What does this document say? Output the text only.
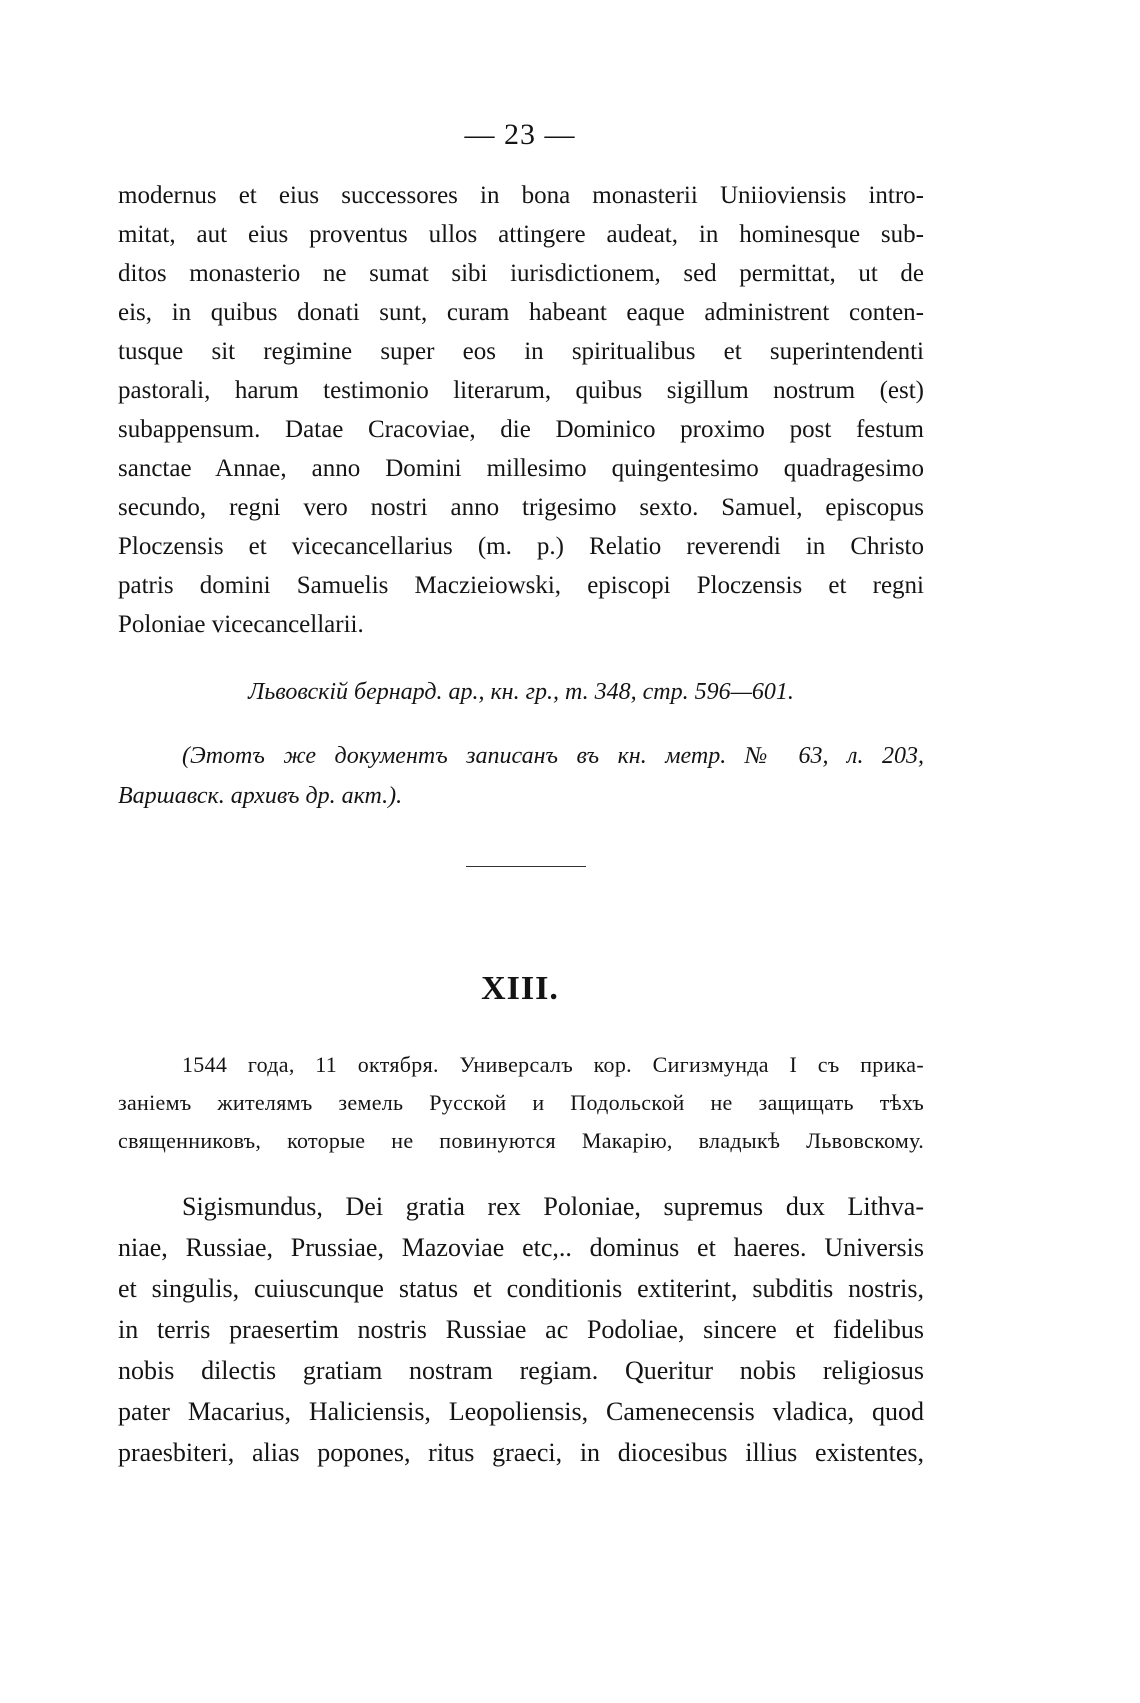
— 23 —
modernus et eius successores in bona monasterii Uniioviensis intro-
mitat, aut eius proventus ullos attingere audeat, in hominesque sub-
ditos monasterio ne sumat sibi iurisdictionem, sed permittat, ut de
eis, in quibus donati sunt, curam habeant eaque administrent conten-
tusque sit regimine super eos in spiritualibus et superintendenti
pastorali, harum testimonio literarum, quibus sigillum nostrum (est)
subappensum. Datae Cracoviae, die Dominico proximo post festum
sanctae Annae, anno Domini millesimo quingentesimo quadragesimo
secundo, regni vero nostri anno trigesimo sexto. Samuel, episcopus
Ploczensis et vicecancellarius (m. p.) Relatio reverendi in Christo
patris domini Samuelis Maczieiowski, episcopi Ploczensis et regni
Poloniae vicecancellarii.
Львовскій бернард. ар., кн. гр., т. 348, стр. 596—601.
(Этотъ же документъ записанъ въ кн. метр. № 63, л. 203,
Варшавск. архивъ др. акт.).
XIII.
1544 года, 11 октября. Универсалъ кор. Сигизмунда I съ прика-
заніемъ жителямъ земель Русской и Подольской не защищать тѣхъ
священниковъ, которые не повинуются Макарію, владыкѣ Львовскому.
Sigismundus, Dei gratia rex Poloniae, supremus dux Lithva-
niae, Russiae, Prussiae, Mazoviae etc,.. dominus et haeres. Universis
et singulis, cuiuscunque status et conditionis extiterint, subditis nostris,
in terris praesertim nostris Russiae ac Podoliae, sincere et fidelibus
nobis dilectis gratiam nostram regiam. Queritur nobis religiosus
pater Macarius, Haliciensis, Leopoliensis, Camenecensis vladica, quod
praesbiteri, alias popones, ritus graeci, in diocesibus illius existentes,
